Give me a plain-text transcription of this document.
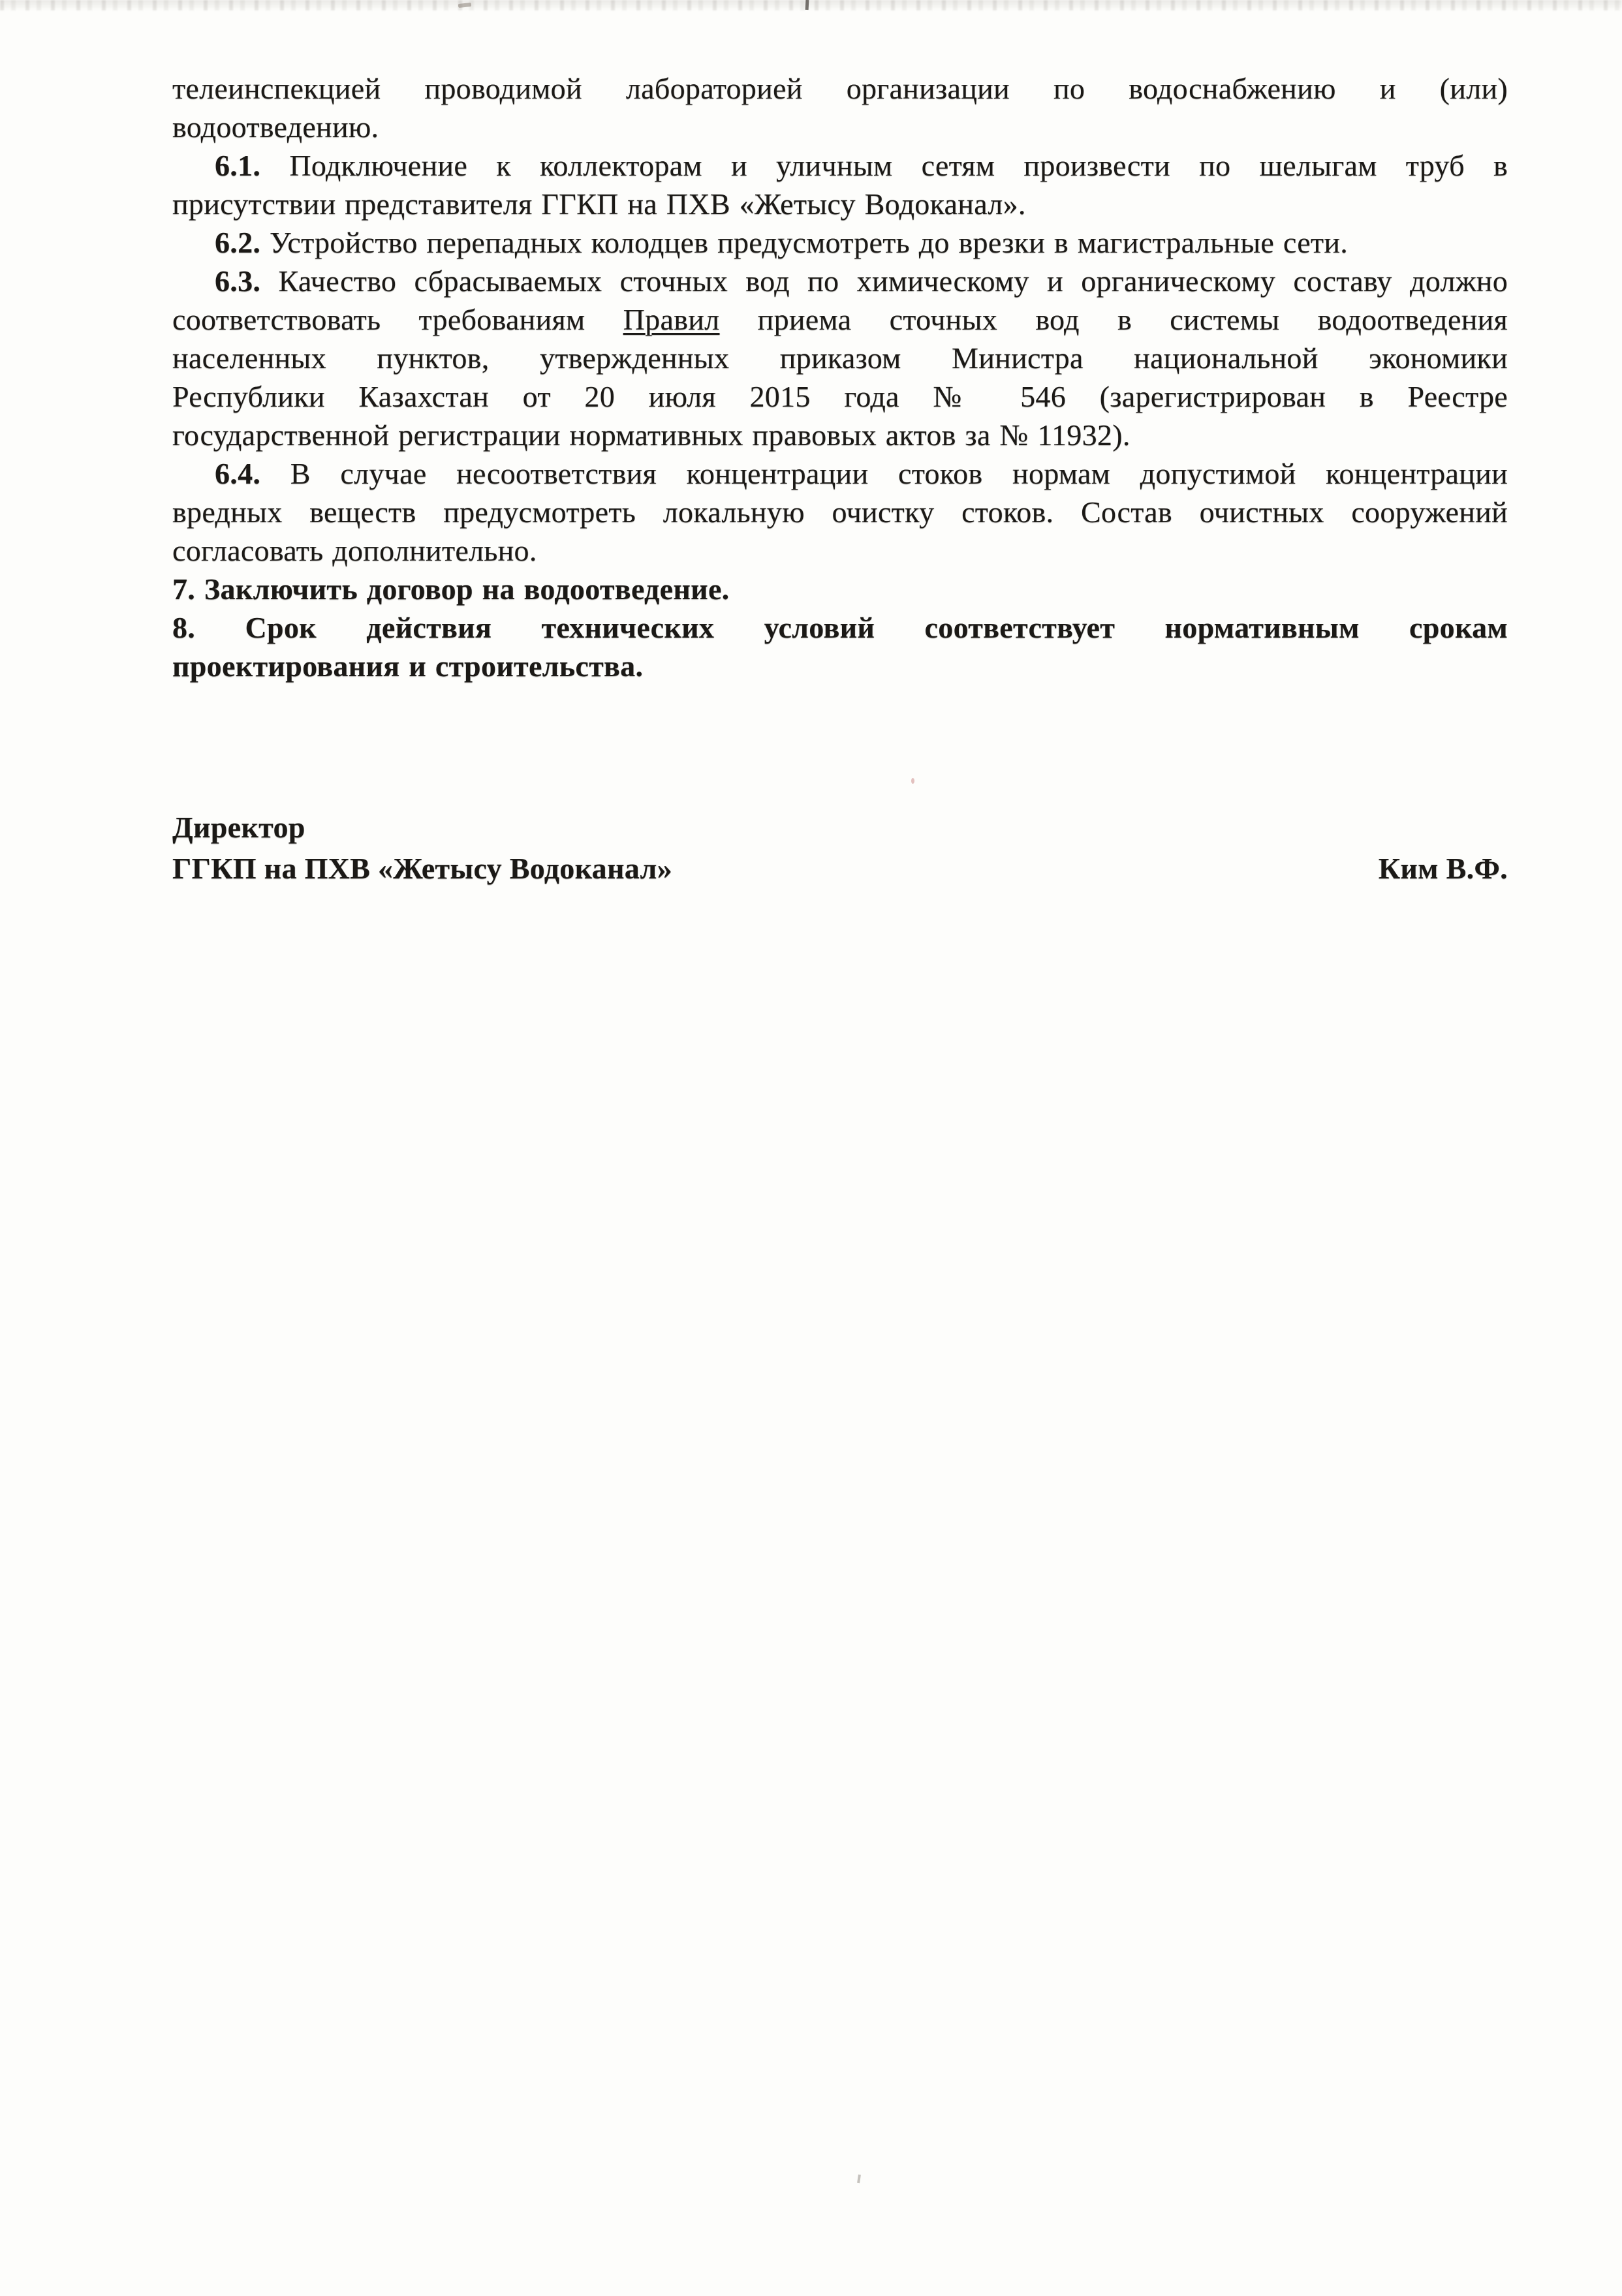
телеинспекцией проводимой лабораторией организации по водоснабжению и (или)
водоотведению.
6.1. Подключение к коллекторам и уличным сетям произвести по шелыгам труб в
присутствии представителя ГГКП на ПХВ «Жетысу Водоканал».
6.2. Устройство перепадных колодцев предусмотреть до врезки в магистральные сети.
6.3. Качество сбрасываемых сточных вод по химическому и органическому составу должно
соответствовать требованиям Правил приема сточных вод в системы водоотведения
населенных пунктов, утвержденных приказом Министра национальной экономики
Республики Казахстан от 20 июля 2015 года № 546 (зарегистрирован в Реестре
государственной регистрации нормативных правовых актов за № 11932).
6.4. В случае несоответствия концентрации стоков нормам допустимой концентрации
вредных веществ предусмотреть локальную очистку стоков. Состав очистных сооружений
согласовать дополнительно.
7. Заключить договор на водоотведение.
8. Срок действия технических условий соответствует нормативным срокам
проектирования и строительства.
Директор
ГГКП на ПХВ «Жетысу Водоканал»	Ким В.Ф.
